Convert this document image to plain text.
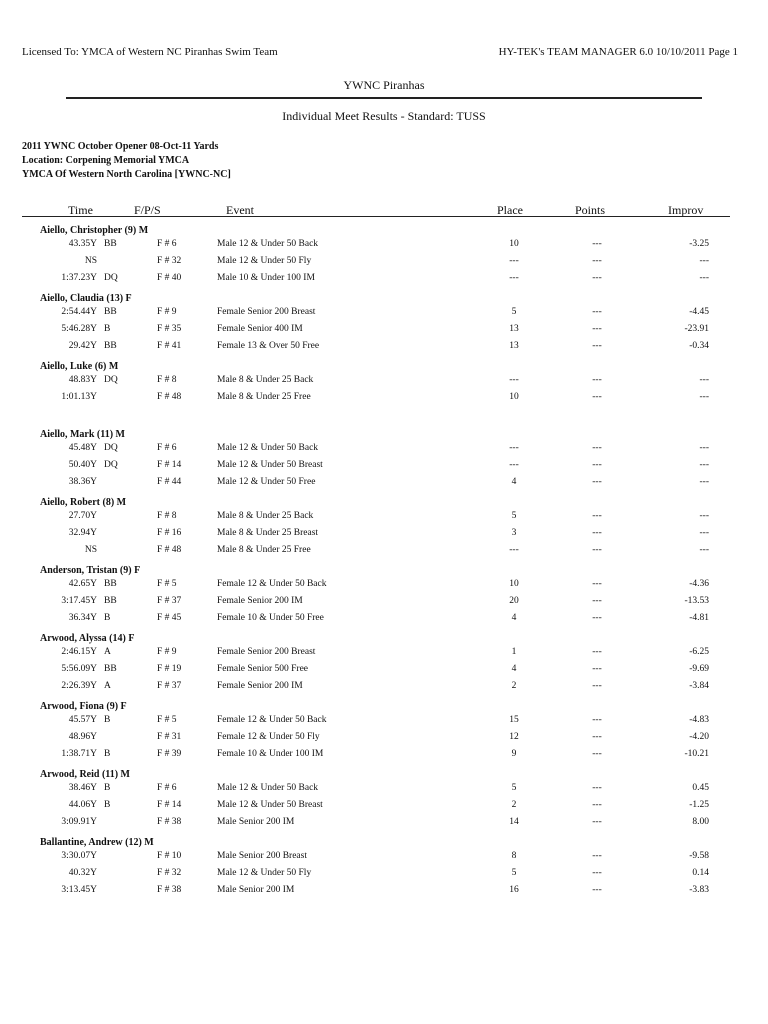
Licensed To: YMCA of Western NC Piranhas Swim Team	HY-TEK's TEAM MANAGER 6.0 10/10/2011 Page 1
YWNC Piranhas
Individual Meet Results - Standard: TUSS
2011 YWNC October Opener 08-Oct-11 Yards
Location: Corpening Memorial YMCA
YMCA Of Western North Carolina [YWNC-NC]
Time	F/P/S	Event	Place	Points	Improv
Aiello, Christopher (9) M
43.35Y BB	F # 6	Male 12 & Under 50 Back	10	---	-3.25
NS	F # 32	Male 12 & Under 50 Fly	---	---	---
1:37.23Y DQ	F # 40	Male 10 & Under 100 IM	---	---	---
Aiello, Claudia (13) F
2:54.44Y BB	F # 9	Female Senior 200 Breast	5	---	-4.45
5:46.28Y B	F # 35	Female Senior 400 IM	13	---	-23.91
29.42Y BB	F # 41	Female 13 & Over 50 Free	13	---	-0.34
Aiello, Luke (6) M
48.83Y DQ	F # 8	Male 8 & Under 25 Back	---	---	---
1:01.13Y	F # 48	Male 8 & Under 25 Free	10	---	---
Aiello, Mark (11) M
45.48Y DQ	F # 6	Male 12 & Under 50 Back	---	---	---
50.40Y DQ	F # 14	Male 12 & Under 50 Breast	---	---	---
38.36Y	F # 44	Male 12 & Under 50 Free	4	---	---
Aiello, Robert (8) M
27.70Y	F # 8	Male 8 & Under 25 Back	5	---	---
32.94Y	F # 16	Male 8 & Under 25 Breast	3	---	---
NS	F # 48	Male 8 & Under 25 Free	---	---	---
Anderson, Tristan (9) F
42.65Y BB	F # 5	Female 12 & Under 50 Back	10	---	-4.36
3:17.45Y BB	F # 37	Female Senior 200 IM	20	---	-13.53
36.34Y B	F # 45	Female 10 & Under 50 Free	4	---	-4.81
Arwood, Alyssa (14) F
2:46.15Y A	F # 9	Female Senior 200 Breast	1	---	-6.25
5:56.09Y BB	F # 19	Female Senior 500 Free	4	---	-9.69
2:26.39Y A	F # 37	Female Senior 200 IM	2	---	-3.84
Arwood, Fiona (9) F
45.57Y B	F # 5	Female 12 & Under 50 Back	15	---	-4.83
48.96Y	F # 31	Female 12 & Under 50 Fly	12	---	-4.20
1:38.71Y B	F # 39	Female 10 & Under 100 IM	9	---	-10.21
Arwood, Reid (11) M
38.46Y B	F # 6	Male 12 & Under 50 Back	5	---	0.45
44.06Y B	F # 14	Male 12 & Under 50 Breast	2	---	-1.25
3:09.91Y	F # 38	Male Senior 200 IM	14	---	8.00
Ballantine, Andrew (12) M
3:30.07Y	F # 10	Male Senior 200 Breast	8	---	-9.58
40.32Y	F # 32	Male 12 & Under 50 Fly	5	---	0.14
3:13.45Y	F # 38	Male Senior 200 IM	16	---	-3.83
